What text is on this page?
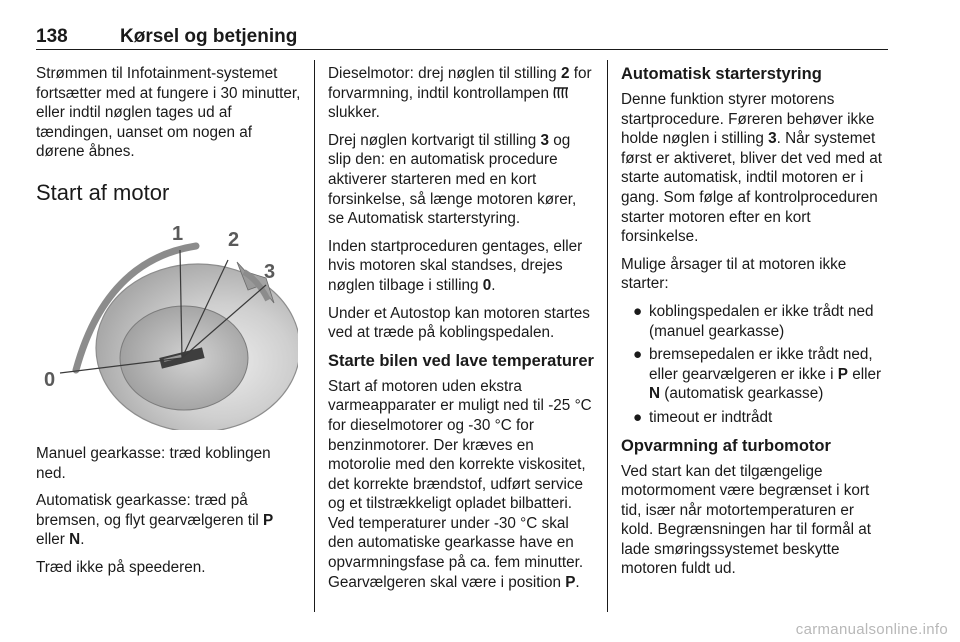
138	Kørsel og betjening

Strømmen til Infotainment-systemet fortsætter med at fungere i 30 minutter, eller indtil nøglen tages ud af tændingen, uanset om nogen af dørene åbnes.

Start af motor
0
1 2
3

Manuel gearkasse: træd koblingen ned.

Automatisk gearkasse: træd på bremsen, og flyt gearvælgeren til P eller N.

Træd ikke på speederen.

Dieselmotor: drej nøglen til stilling 2 for forvarmning, indtil kontrollampen  slukker.

Drej nøglen kortvarigt til stilling 3 og slip den: en automatisk procedure aktiverer starteren med en kort forsinkelse, så længe motoren kører, se Automatisk starterstyring.

Inden startproceduren gentages, eller hvis motoren skal standses, drejes nøglen tilbage i stilling 0.

Under et Autostop kan motoren startes ved at træde på koblingspedalen.

Starte bilen ved lave temperaturer

Start af motoren uden ekstra varmeapparater er muligt ned til -25 °C for dieselmotorer og -30 °C for benzinmotorer. Der kræves en motorolie med den korrekte viskositet, det korrekte brændstof, udført service og et tilstrækkeligt opladet bilbatteri. Ved temperaturer under -30 °C skal den automatiske gearkasse have en opvarmningsfase på ca. fem minutter. Gearvælgeren skal være i position P.

Automatisk starterstyring

Denne funktion styrer motorens startprocedure. Føreren behøver ikke holde nøglen i stilling 3. Når systemet først er aktiveret, bliver det ved med at starte automatisk, indtil motoren er i gang. Som følge af kontrolproceduren starter motoren efter en kort forsinkelse.

Mulige årsager til at motoren ikke starter:

● koblingspedalen er ikke trådt ned (manuel gearkasse)
● bremsepedalen er ikke trådt ned, eller gearvælgeren er ikke i P eller N (automatisk gearkasse)
● timeout er indtrådt
Opvarmning af turbomotor

Ved start kan det tilgængelige motormoment være begrænset i kort tid, især når motortemperaturen er kold. Begrænsningen har til formål at lade smøringssystemet beskytte motoren fuldt ud.

carmanualsonline.info
